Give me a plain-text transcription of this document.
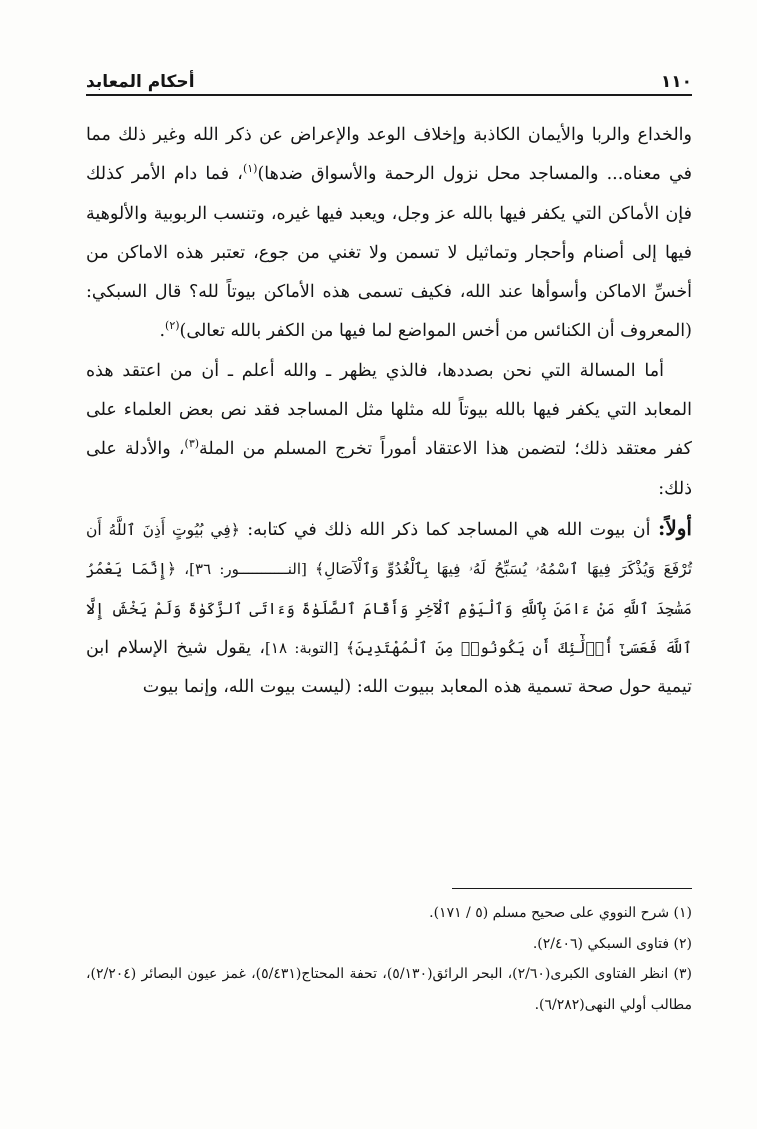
١١٠
أحكام المعابد

والخداع والربا والأيمان الكاذبة وإخلاف الوعد والإعراض عن ذكر الله وغير ذلك مما في معناه... والمساجد محل نزول الرحمة والأسواق ضدها)$^{(١)}$، فما دام الأمر كذلك فإن الأماكن التي يكفر فيها بالله عز وجل، ويعبد فيها غيره، وتنسب الربوبية والألوهية فيها إلى أصنام وأحجار وتماثيل لا تسمن ولا تغني من جوع، تعتبر هذه الاماكن من أخسِّ الاماكن وأسوأها عند الله، فكيف تسمى هذه الأماكن بيوتاً لله؟ قال السبكي: (المعروف أن الكنائس من أخس المواضع لما فيها من الكفر بالله تعالى)$^{(٢)}$.

أما المسالة التي نحن بصددها، فالذي يظهر ـ والله أعلم ـ أن من اعتقد هذه المعابد التي يكفر فيها بالله بيوتاً لله مثلها مثل المساجد فقد نص بعض العلماء على كفر معتقد ذلك؛ لتضمن هذا الاعتقاد أموراً تخرج المسلم من الملة$^{(٣)}$، والأدلة على ذلك:

أولاً: أن بيوت الله هي المساجد كما ذكر الله ذلك في كتابه: ﴿فِي بُيُوتٍ أَذِنَ ٱللَّهُ أَن تُرْفَعَ وَيُذْكَرَ فِيهَا ٱسْمُهُۥ يُسَبِّحُ لَهُۥ فِيهَا بِٱلْغُدُوِّ وَٱلْآصَالِ﴾ [النـــــــــــور: ٣٦]، ﴿إِنَّمَا يَعْمُرُ مَسَٰجِدَ ٱللَّهِ مَنْ ءَامَنَ بِٱللَّهِ وَٱلْيَوْمِ ٱلْآخِرِ وَأَقَامَ ٱلصَّلَوٰةَ وَءَاتَى ٱلزَّكَوٰةَ وَلَمْ يَخْشَ إِلَّا ٱللَّهَ فَعَسَىٰٓ أُو۟لَٰٓئِكَ أَن يَكُونُوا۟ مِنَ ٱلْمُهْتَدِينَ﴾ [التوبة: ١٨]، يقول شيخ الإسلام ابن تيمية حول صحة تسمية هذه المعابد ببيوت الله: (ليست بيوت الله، وإنما بيوت

(١) شرح النووي على صحيح مسلم (٥ / ١٧١).

(٢) فتاوى السبكي (٢/٤٠٦).

(٣) انظر الفتاوى الكبرى(٢/٦٠)، البحر الرائق(٥/١٣٠)، تحفة المحتاج(٥/٤٣١)، غمز عيون البصائر (٢/٢٠٤)، مطالب أولي النهى(٦/٢٨٢).
